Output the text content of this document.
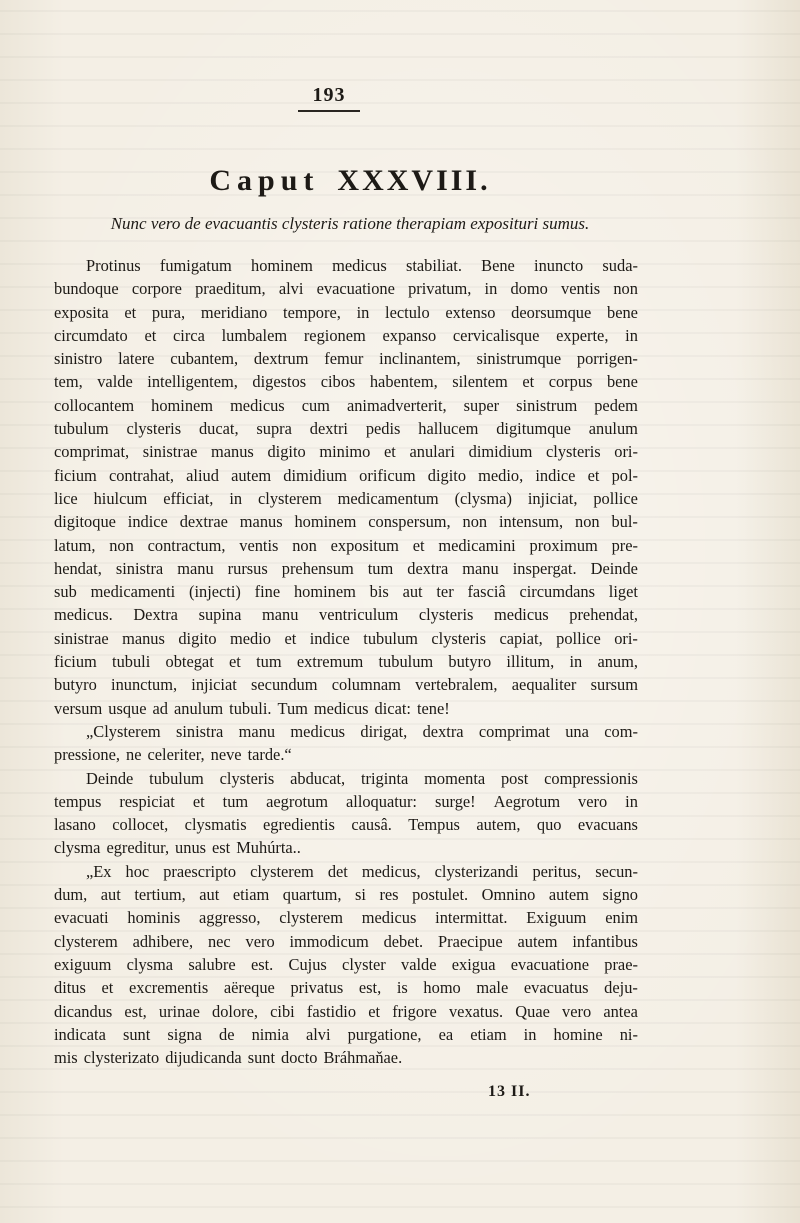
193
Caput XXXVIII.
Nunc vero de evacuantis clysteris ratione therapiam exposituri sumus.
Protinus fumigatum hominem medicus stabiliat. Bene inuncto suda-
bundoque corpore praeditum, alvi evacuatione privatum, in domo ventis non
exposita et pura, meridiano tempore, in lectulo extenso deorsumque bene
circumdato et circa lumbalem regionem expanso cervicalisque experte, in
sinistro latere cubantem, dextrum femur inclinantem, sinistrumque porrigen-
tem, valde intelligentem, digestos cibos habentem, silentem et corpus bene
collocantem hominem medicus cum animadverterit, super sinistrum pedem
tubulum clysteris ducat, supra dextri pedis hallucem digitumque anulum
comprimat, sinistrae manus digito minimo et anulari dimidium clysteris ori-
ficium contrahat, aliud autem dimidium orificum digito medio, indice et pol-
lice hiulcum efficiat, in clysterem medicamentum (clysma) injiciat, pollice
digitoque indice dextrae manus hominem conspersum, non intensum, non bul-
latum, non contractum, ventis non expositum et medicamini proximum pre-
hendat, sinistra manu rursus prehensum tum dextra manu inspergat. Deinde
sub medicamenti (injecti) fine hominem bis aut ter fasciâ circumdans liget
medicus. Dextra supina manu ventriculum clysteris medicus prehendat,
sinistrae manus digito medio et indice tubulum clysteris capiat, pollice ori-
ficium tubuli obtegat et tum extremum tubulum butyro illitum, in anum,
butyro inunctum, injiciat secundum columnam vertebralem, aequaliter sursum
versum usque ad anulum tubuli. Tum medicus dicat: tene!
„Clysterem sinistra manu medicus dirigat, dextra comprimat una com-
pressione, ne celeriter, neve tarde.“
Deinde tubulum clysteris abducat, triginta momenta post compressionis
tempus respiciat et tum aegrotum alloquatur: surge! Aegrotum vero in
lasano collocet, clysmatis egredientis causâ. Tempus autem, quo evacuans
clysma egreditur, unus est Muhúrta..
„Ex hoc praescripto clysterem det medicus, clysterizandi peritus, secun-
dum, aut tertium, aut etiam quartum, si res postulet. Omnino autem signo
evacuati hominis aggresso, clysterem medicus intermittat. Exiguum enim
clysterem adhibere, nec vero immodicum debet. Praecipue autem infantibus
exiguum clysma salubre est. Cujus clyster valde exigua evacuatione prae-
ditus et excrementis aëreque privatus est, is homo male evacuatus deju-
dicandus est, urinae dolore, cibi fastidio et frigore vexatus. Quae vero antea
indicata sunt signa de nimia alvi purgatione, ea etiam in homine ni-
mis clysterizato dijudicanda sunt docto Bráhmaňae.
13 II.
